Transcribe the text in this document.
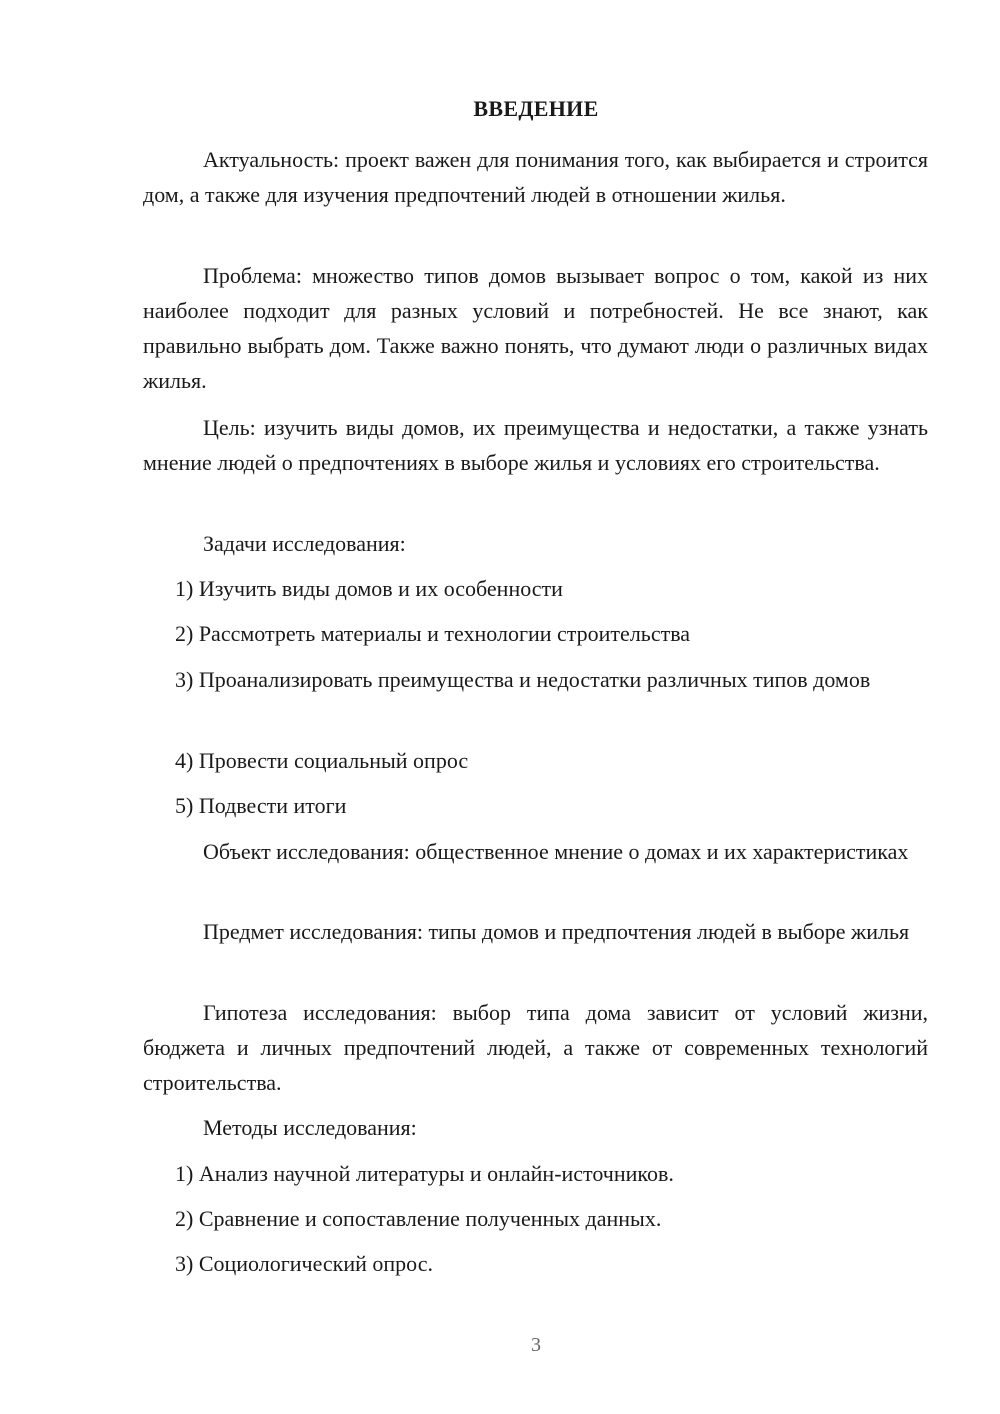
ВВЕДЕНИЕ

Актуальность: проект важен для понимания того, как выбирается и строится дом, а также для изучения предпочтений людей в отношении жилья.

Проблема: множество типов домов вызывает вопрос о том, какой из них наиболее подходит для разных условий и потребностей. Не все знают, как правильно выбрать дом. Также важно понять, что думают люди о различных видах жилья.

Цель: изучить виды домов, их преимущества и недостатки, а также узнать мнение людей о предпочтениях в выборе жилья и условиях его строительства.

Задачи исследования:

1) Изучить виды домов и их особенности

2) Рассмотреть материалы и технологии строительства

3) Проанализировать преимущества и недостатки различных типов домов

4) Провести социальный опрос

5) Подвести итоги

Объект исследования: общественное мнение о домах и их характеристиках

Предмет исследования: типы домов и предпочтения людей в выборе жилья

Гипотеза исследования: выбор типа дома зависит от условий жизни, бюджета и личных предпочтений людей, а также от современных технологий строительства.

Методы исследования:

1) Анализ научной литературы и онлайн-источников.

2) Сравнение и сопоставление полученных данных.

3) Социологический опрос.

3
